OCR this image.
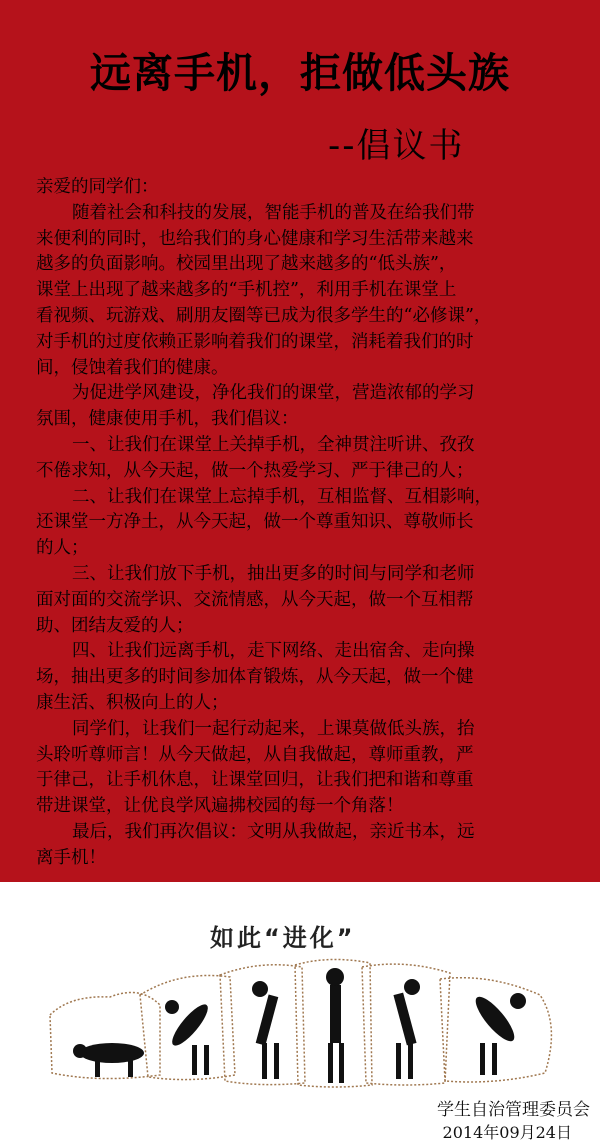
远离手机，拒做低头族
--倡议书
亲爱的同学们：
随着社会和科技的发展，智能手机的普及在给我们带
来便利的同时，也给我们的身心健康和学习生活带来越来
越多的负面影响。校园里出现了越来越多的“低头族”，
课堂上出现了越来越多的“手机控”，利用手机在课堂上
看视频、玩游戏、刷朋友圈等已成为很多学生的“必修课”，
对手机的过度依赖正影响着我们的课堂，消耗着我们的时
间，侵蚀着我们的健康。
为促进学风建设，净化我们的课堂，营造浓郁的学习
氛围，健康使用手机，我们倡议：
一、让我们在课堂上关掉手机，全神贯注听讲、孜孜
不倦求知，从今天起，做一个热爱学习、严于律己的人；
二、让我们在课堂上忘掉手机，互相监督、互相影响，
还课堂一方净土，从今天起，做一个尊重知识、尊敬师长
的人；
三、让我们放下手机，抽出更多的时间与同学和老师
面对面的交流学识、交流情感，从今天起，做一个互相帮
助、团结友爱的人；
四、让我们远离手机，走下网络、走出宿舍、走向操
场，抽出更多的时间参加体育锻炼，从今天起，做一个健
康生活、积极向上的人；
同学们，让我们一起行动起来，上课莫做低头族，抬
头聆听尊师言！从今天做起，从自我做起，尊师重教，严
于律己，让手机休息，让课堂回归，让我们把和谐和尊重
带进课堂，让优良学风遍拂校园的每一个角落！
最后，我们再次倡议：文明从我做起，亲近书本，远
离手机！
如此“进化”
学生自治管理委员会
2014年09月24日
